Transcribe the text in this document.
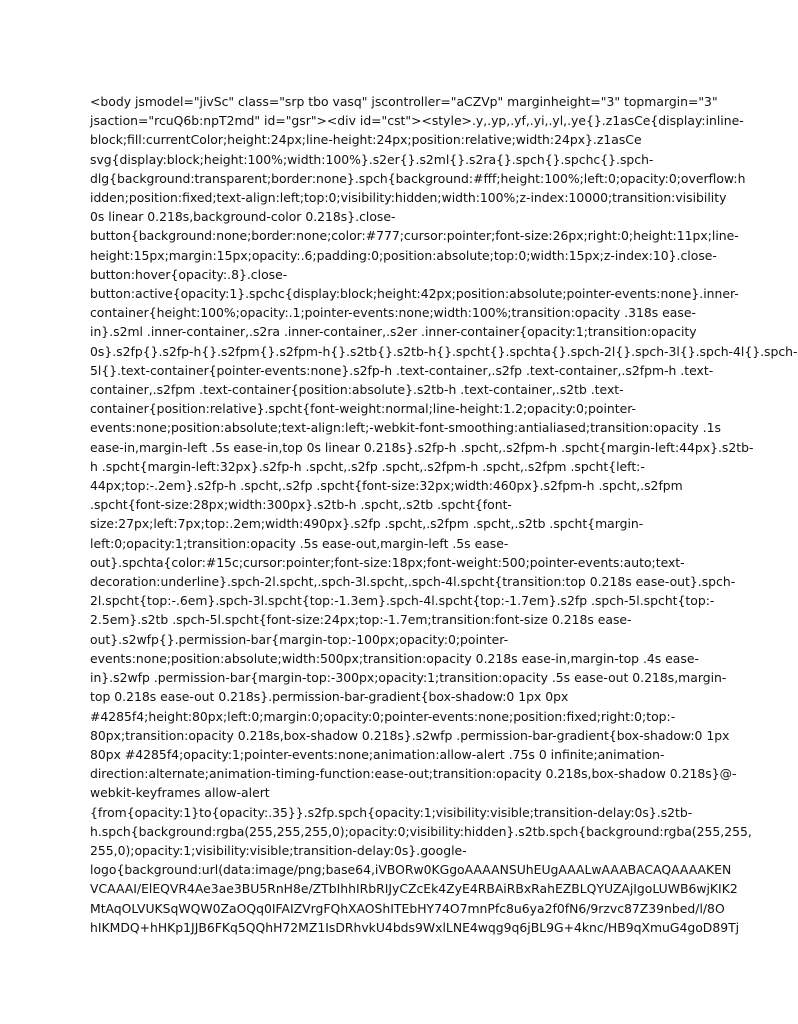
<body jsmodel="jivSc" class="srp tbo vasq" jscontroller="aCZVp" marginheight="3" topmargin="3"
jsaction="rcuQ6b:npT2md" id="gsr"><div id="cst"><style>.y,.yp,.yf,.yi,.yl,.ye{}.z1asCe{display:inline-
block;fill:currentColor;height:24px;line-height:24px;position:relative;width:24px}.z1asCe
svg{display:block;height:100%;width:100%}.s2er{}.s2ml{}.s2ra{}.spch{}.spchc{}.spch-
dlg{background:transparent;border:none}.spch{background:#fff;height:100%;left:0;opacity:0;overflow:h
idden;position:fixed;text-align:left;top:0;visibility:hidden;width:100%;z-index:10000;transition:visibility
0s linear 0.218s,background-color 0.218s}.close-
button{background:none;border:none;color:#777;cursor:pointer;font-size:26px;right:0;height:11px;line-
height:15px;margin:15px;opacity:.6;padding:0;position:absolute;top:0;width:15px;z-index:10}.close-
button:hover{opacity:.8}.close-
button:active{opacity:1}.spchc{display:block;height:42px;position:absolute;pointer-events:none}.inner-
container{height:100%;opacity:.1;pointer-events:none;width:100%;transition:opacity .318s ease-
in}.s2ml .inner-container,.s2ra .inner-container,.s2er .inner-container{opacity:1;transition:opacity
0s}.s2fp{}.s2fp-h{}.s2fpm{}.s2fpm-h{}.s2tb{}.s2tb-h{}.spcht{}.spchta{}.spch-2l{}.spch-3l{}.spch-4l{}.spch-
5l{}.text-container{pointer-events:none}.s2fp-h .text-container,.s2fp .text-container,.s2fpm-h .text-
container,.s2fpm .text-container{position:absolute}.s2tb-h .text-container,.s2tb .text-
container{position:relative}.spcht{font-weight:normal;line-height:1.2;opacity:0;pointer-
events:none;position:absolute;text-align:left;-webkit-font-smoothing:antialiased;transition:opacity .1s
ease-in,margin-left .5s ease-in,top 0s linear 0.218s}.s2fp-h .spcht,.s2fpm-h .spcht{margin-left:44px}.s2tb-
h .spcht{margin-left:32px}.s2fp-h .spcht,.s2fp .spcht,.s2fpm-h .spcht,.s2fpm .spcht{left:-
44px;top:-.2em}.s2fp-h .spcht,.s2fp .spcht{font-size:32px;width:460px}.s2fpm-h .spcht,.s2fpm
.spcht{font-size:28px;width:300px}.s2tb-h .spcht,.s2tb .spcht{font-
size:27px;left:7px;top:.2em;width:490px}.s2fp .spcht,.s2fpm .spcht,.s2tb .spcht{margin-
left:0;opacity:1;transition:opacity .5s ease-out,margin-left .5s ease-
out}.spchta{color:#15c;cursor:pointer;font-size:18px;font-weight:500;pointer-events:auto;text-
decoration:underline}.spch-2l.spcht,.spch-3l.spcht,.spch-4l.spcht{transition:top 0.218s ease-out}.spch-
2l.spcht{top:-.6em}.spch-3l.spcht{top:-1.3em}.spch-4l.spcht{top:-1.7em}.s2fp .spch-5l.spcht{top:-
2.5em}.s2tb .spch-5l.spcht{font-size:24px;top:-1.7em;transition:font-size 0.218s ease-
out}.s2wfp{}.permission-bar{margin-top:-100px;opacity:0;pointer-
events:none;position:absolute;width:500px;transition:opacity 0.218s ease-in,margin-top .4s ease-
in}.s2wfp .permission-bar{margin-top:-300px;opacity:1;transition:opacity .5s ease-out 0.218s,margin-
top 0.218s ease-out 0.218s}.permission-bar-gradient{box-shadow:0 1px 0px
#4285f4;height:80px;left:0;margin:0;opacity:0;pointer-events:none;position:fixed;right:0;top:-
80px;transition:opacity 0.218s,box-shadow 0.218s}.s2wfp .permission-bar-gradient{box-shadow:0 1px
80px #4285f4;opacity:1;pointer-events:none;animation:allow-alert .75s 0 infinite;animation-
direction:alternate;animation-timing-function:ease-out;transition:opacity 0.218s,box-shadow 0.218s}@-
webkit-keyframes allow-alert
{from{opacity:1}to{opacity:.35}}.s2fp.spch{opacity:1;visibility:visible;transition-delay:0s}.s2tb-
h.spch{background:rgba(255,255,255,0);opacity:0;visibility:hidden}.s2tb.spch{background:rgba(255,255,
255,0);opacity:1;visibility:visible;transition-delay:0s}.google-
logo{background:url(data:image/png;base64,iVBORw0KGgoAAAANSUhEUgAAALwAAABACAQAAAAKEN
VCAAAI/ElEQVR4Ae3ae3BU5RnH8e/ZTbIhhIRbRIJyCZcEk4ZyE4RBAiRBxRahEZBLQYUZAjIgoLUWB6wjKIK2
MtAqOLVUKSqWQW0ZaOQq0IFAIZVrgFQhXAOShITEbHY74O7mnPfc8u6ya2f0fN6/9rzvc87Z39nbed/l/8O
hIKMDQ+hHKp1JJB6FKq5QQhH72MZ1IsDRhvkU4bds9WxlLNE4wqg9q6jBL9G+4knc/HB9qXmuG4goD89Tj
